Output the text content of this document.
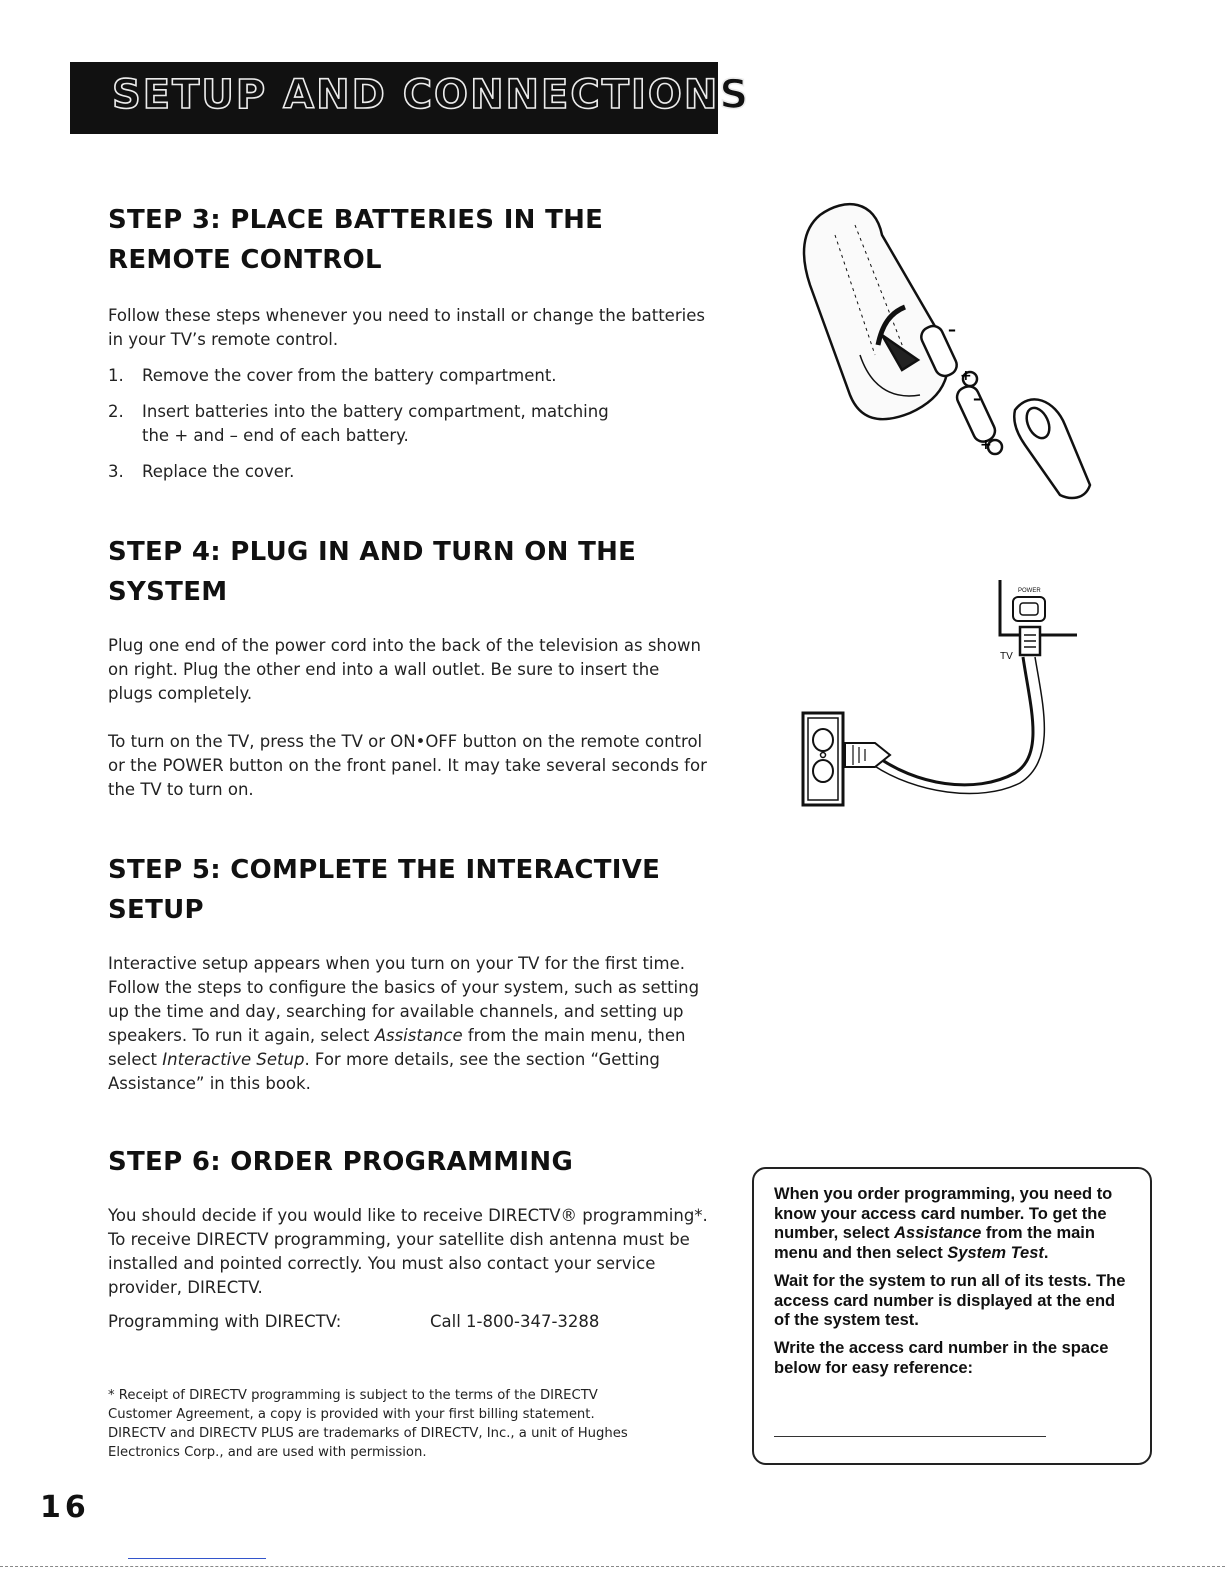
SETUP AND CONNECTIONS
STEP 3: PLACE BATTERIES IN THE
REMOTE CONTROL

Follow these steps whenever you need to install or change the batteries

in your TV’s remote control.

1. Remove the cover from the battery compartment.
2. Insert batteries into the battery compartment, matching
the + and – end of each battery.
3. Replace the cover.
–
+
–
+
STEP 4: PLUG IN AND TURN ON THE
SYSTEM

Plug one end of the power cord into the back of the television as shown

on right. Plug the other end into a wall outlet. Be sure to insert the

plugs completely.

To turn on the TV, press the TV or ON•OFF button on the remote control

or the POWER button on the front panel. It may take several seconds for

the TV to turn on.

TV
POWER
STEP 5: COMPLETE THE INTERACTIVE
SETUP

Interactive setup appears when you turn on your TV for the first time.

Follow the steps to configure the basics of your system, such as setting

up the time and day, searching for available channels, and setting up

speakers. To run it again, select Assistance from the main menu, then

select Interactive Setup. For more details, see the section “Getting

Assistance” in this book.

STEP 6: ORDER PROGRAMMING

You should decide if you would like to receive DIRECTV® programming*.

To receive DIRECTV programming, your satellite dish antenna must be

installed and pointed correctly. You must also contact your service

provider, DIRECTV.

Programming with DIRECTV:	Call 1-800-347-3288
* Receipt of DIRECTV programming is subject to the terms of the DIRECTV
Customer Agreement, a copy is provided with your first billing statement.
DIRECTV and DIRECTV PLUS are trademarks of DIRECTV, Inc., a unit of Hughes
Electronics Corp., and are used with permission.

When you order programming, you need to know your access card number. To get the number, select Assistance from the main menu and then select System Test.

Wait for the system to run all of its tests. The access card number is displayed at the end of the system test.

Write the access card number in the space below for easy reference:

16
